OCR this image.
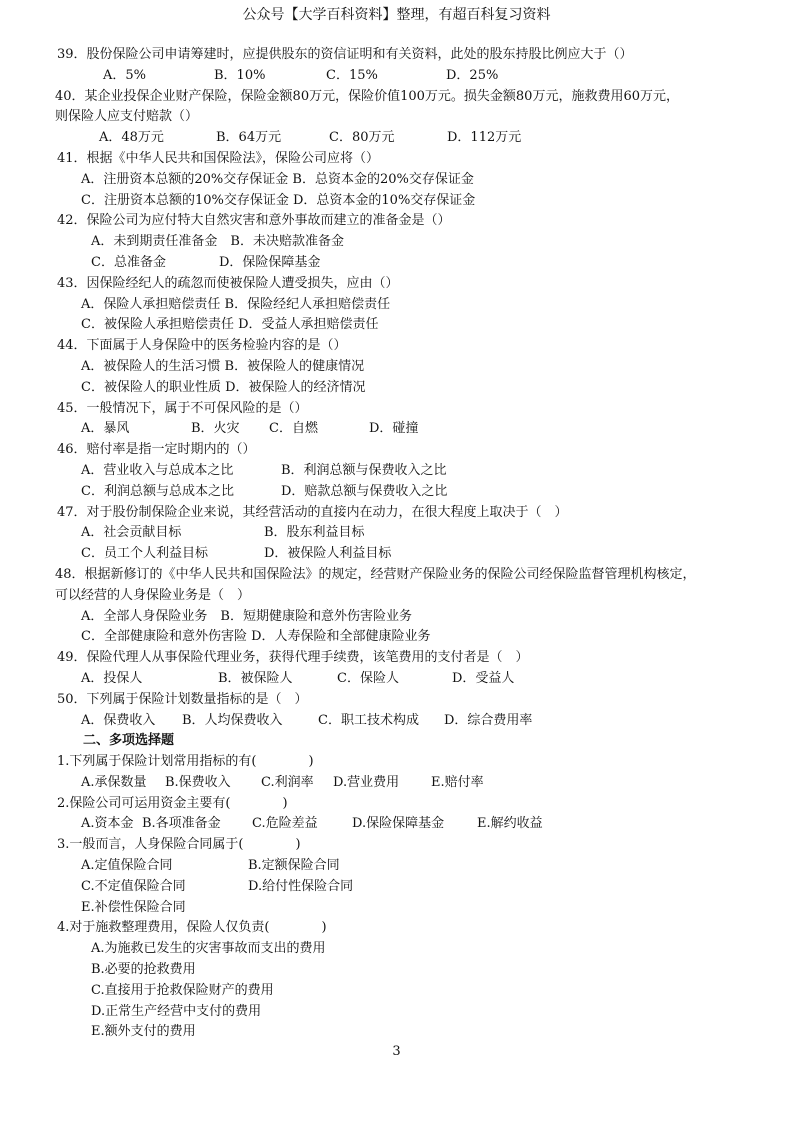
公众号【大学百科资料】整理，有超百科复习资料
39．股份保险公司申请筹建时，应提供股东的资信证明和有关资料，此处的股东持股比例应大于（）
A．5%	B．10%	C．15%	D．25%
40．某企业投保企业财产保险，保险金额80万元，保险价值100万元。损失金额80万元，施救费用60万元，
则保险人应支付赔款（）
A．48万元	B．64万元	C．80万元	D．112万元
41．根据《中华人民共和国保险法》，保险公司应将（）
A．注册资本总额的20%交存保证金 B．总资本金的20%交存保证金
C．注册资本总额的10%交存保证金 D．总资本金的10%交存保证金
42．保险公司为应付特大自然灾害和意外事故而建立的准备金是（）
A．未到期责任准备金　B．未决赔款准备金
C．总准备金	D．保险保障基金
43．因保险经纪人的疏忽而使被保险人遭受损失，应由（）
A．保险人承担赔偿责任 B．保险经纪人承担赔偿责任
C．被保险人承担赔偿责任 D．受益人承担赔偿责任
44．下面属于人身保险中的医务检验内容的是（）
A．被保险人的生活习惯 B．被保险人的健康情况
C．被保险人的职业性质 D．被保险人的经济情况
45．一般情况下，属于不可保风险的是（）
A．暴风	B．火灾 C．自燃	D．碰撞
46．赔付率是指一定时期内的（）
A．营业收入与总成本之比	B．利润总额与保费收入之比
C．利润总额与总成本之比	D．赔款总额与保费收入之比
47．对于股份制保险企业来说，其经营活动的直接内在动力，在很大程度上取决于（　）
A．社会贡献目标	B．股东利益目标
C．员工个人利益目标	D．被保险人利益目标
48．根据新修订的《中华人民共和国保险法》的规定，经营财产保险业务的保险公司经保险监督管理机构核定，
可以经营的人身保险业务是（　）
A．全部人身保险业务　B．短期健康险和意外伤害险业务
C．全部健康险和意外伤害险 D．人寿保险和全部健康险业务
49．保险代理人从事保险代理业务，获得代理手续费，该笔费用的支付者是（　）
A．投保人	B．被保险人	C．保险人	D．受益人
50．下列属于保险计划数量指标的是（　）
A．保费收入 B．人均保费收入	C．职工技术构成 D．综合费用率
二、多项选择题
1.下列属于保险计划常用指标的有(　　　　)
A.承保数量 B.保费收入 C.利润率 D.营业费用 E.赔付率
2.保险公司可运用资金主要有(　　　　)
A.资本金 B.各项准备金 C.危险差益	D.保险保障基金	E.解约收益
3.一般而言，人身保险合同属于(　　　　)
A.定值保险合同	B.定额保险合同
C.不定值保险合同	D.给付性保险合同
E.补偿性保险合同
4.对于施救整理费用，保险人仅负责(　　　　)
A.为施救已发生的灾害事故而支出的费用
B.必要的抢救费用
C.直接用于抢救保险财产的费用
D.正常生产经营中支付的费用
E.额外支付的费用
3
